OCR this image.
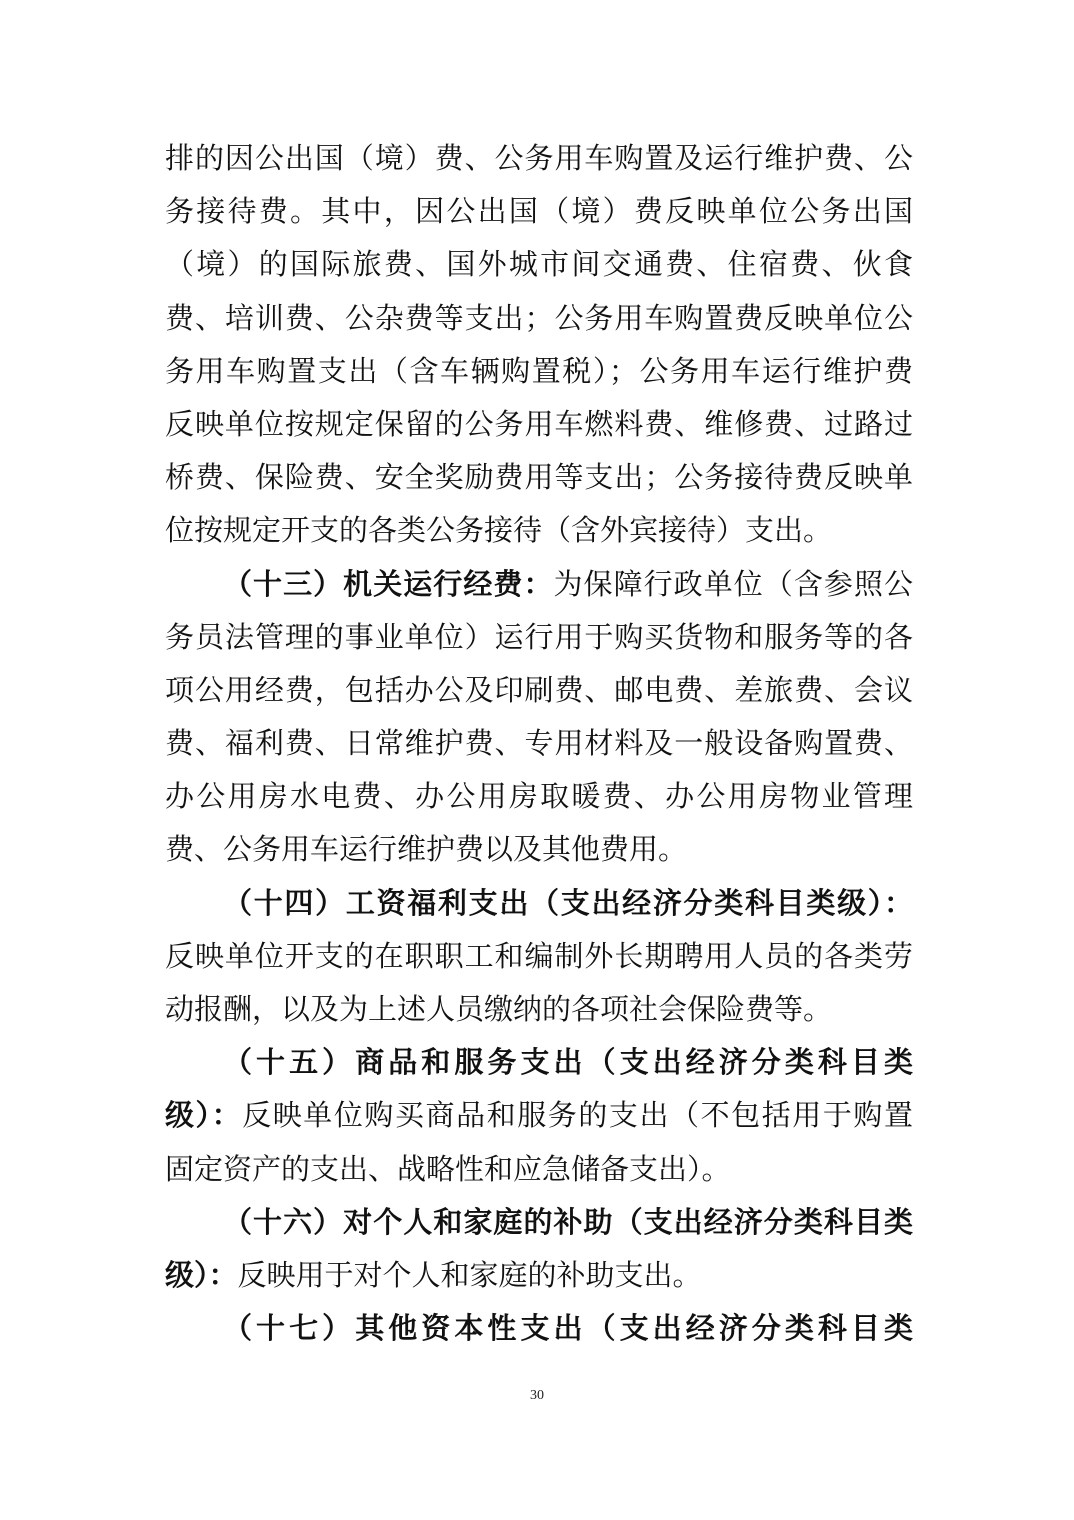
排的因公出国（境）费、公务用车购置及运行维护费、公
务接待费。其中，因公出国（境）费反映单位公务出国
（境）的国际旅费、国外城市间交通费、住宿费、伙食
费、培训费、公杂费等支出；公务用车购置费反映单位公
务用车购置支出（含车辆购置税）；公务用车运行维护费
反映单位按规定保留的公务用车燃料费、维修费、过路过
桥费、保险费、安全奖励费用等支出；公务接待费反映单
位按规定开支的各类公务接待（含外宾接待）支出。
（十三）机关运行经费：为保障行政单位（含参照公
务员法管理的事业单位）运行用于购买货物和服务等的各
项公用经费，包括办公及印刷费、邮电费、差旅费、会议
费、福利费、日常维护费、专用材料及一般设备购置费、
办公用房水电费、办公用房取暖费、办公用房物业管理
费、公务用车运行维护费以及其他费用。
（十四）工资福利支出（支出经济分类科目类级）：
反映单位开支的在职职工和编制外长期聘用人员的各类劳
动报酬，以及为上述人员缴纳的各项社会保险费等。
（十五）商品和服务支出（支出经济分类科目类
级）：反映单位购买商品和服务的支出（不包括用于购置
固定资产的支出、战略性和应急储备支出）。
（十六）对个人和家庭的补助（支出经济分类科目类
级）：反映用于对个人和家庭的补助支出。
（十七）其他资本性支出（支出经济分类科目类
30
